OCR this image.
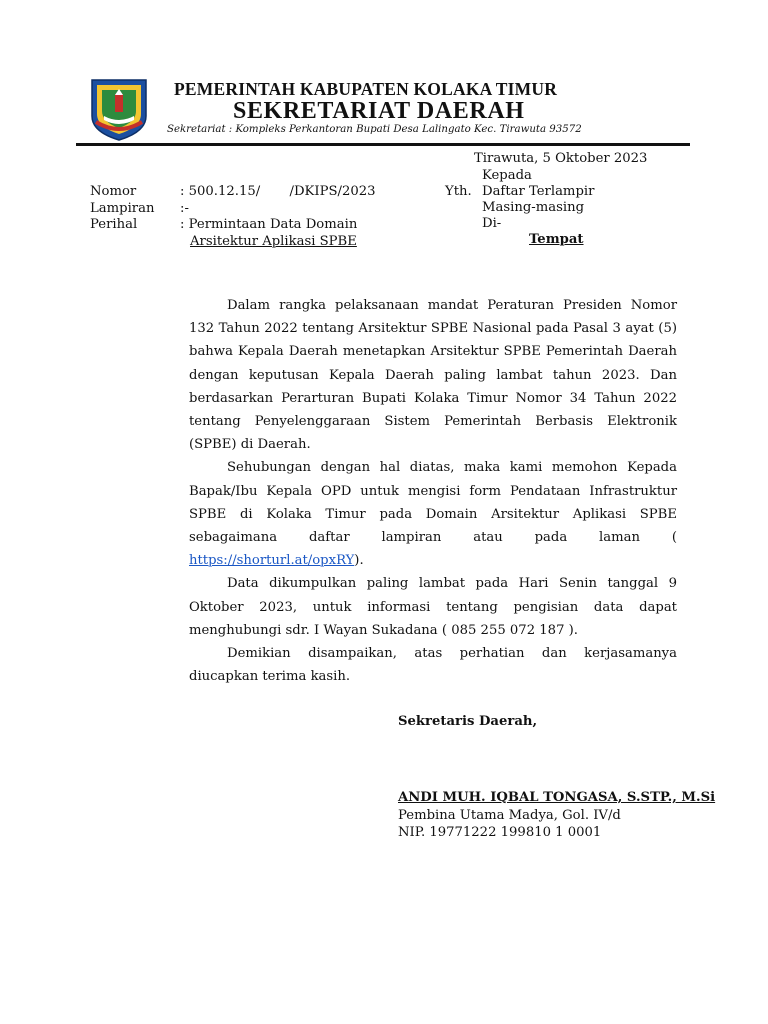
PEMERINTAH KABUPATEN KOLAKA TIMUR
SEKRETARIAT DAERAH
Sekretariat : Kompleks Perkantoran Bupati Desa Lalingato Kec. Tirawuta 93572
Tirawuta, 5 Oktober 2023
Nomor	: 500.12.15/       /DKIPS/2023
Lampiran :-
Perihal	: Permintaan Data Domain
Arsitektur Aplikasi SPBE
Kepada
Yth. Daftar Terlampir
Masing-masing
Di-
Tempat

Dalam rangka pelaksanaan mandat Peraturan Presiden Nomor 132 Tahun 2022 tentang Arsitektur SPBE Nasional pada Pasal 3 ayat (5) bahwa Kepala Daerah menetapkan Arsitektur SPBE Pemerintah Daerah dengan keputusan Kepala Daerah paling lambat tahun 2023. Dan berdasarkan Perarturan Bupati Kolaka Timur Nomor 34 Tahun 2022 tentang Penyelenggaraan Sistem Pemerintah Berbasis Elektronik (SPBE) di Daerah.

Sehubungan dengan hal diatas, maka kami memohon Kepada Bapak/Ibu Kepala OPD untuk mengisi form Pendataan Infrastruktur SPBE di Kolaka Timur pada Domain Arsitektur Aplikasi SPBE sebagaimana daftar lampiran atau pada laman ( https://shorturl.at/opxRY).

Data dikumpulkan paling lambat pada Hari Senin tanggal 9 Oktober 2023, untuk informasi tentang pengisian data dapat menghubungi sdr. I Wayan Sukadana ( 085 255 072 187 ).

Demikian disampaikan, atas perhatian dan kerjasamanya diucapkan terima kasih.

Sekretaris Daerah,
ANDI MUH. IQBAL TONGASA, S.STP., M.Si
Pembina Utama Madya, Gol. IV/d
NIP. 19771222 199810 1 0001
